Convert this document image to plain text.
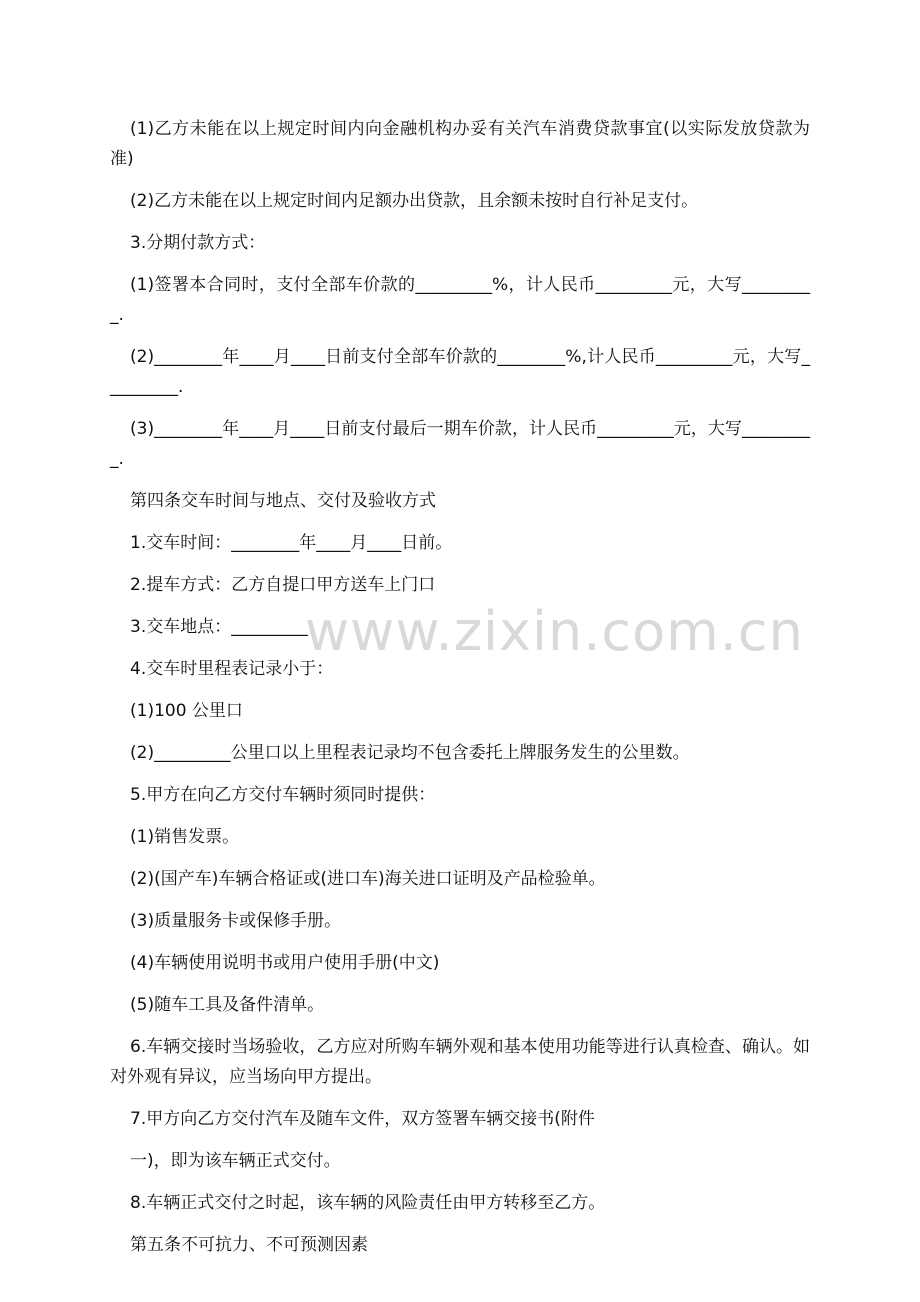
(1)乙方未能在以上规定时间内向金融机构办妥有关汽车消费贷款事宜(以实际发放贷款为准)

(2)乙方未能在以上规定时间内足额办出贷款，且余额未按时自行补足支付。

3.分期付款方式：

(1)签署本合同时，支付全部车价款的_________%，计人民币_________元，大写_________.

(2)________年____月____日前支付全部车价款的________%,计人民币_________元，大写_________.

(3)________年____月____日前支付最后一期车价款，计人民币_________元，大写_________.

第四条交车时间与地点、交付及验收方式

1.交车时间：________年____月____日前。

2.提车方式：乙方自提口甲方送车上门口

3.交车地点：_________

4.交车时里程表记录小于：

(1)100 公里口

(2)_________公里口以上里程表记录均不包含委托上牌服务发生的公里数。

5.甲方在向乙方交付车辆时须同时提供：

(1)销售发票。

(2)(国产车)车辆合格证或(进口车)海关进口证明及产品检验单。

(3)质量服务卡或保修手册。

(4)车辆使用说明书或用户使用手册(中文)

(5)随车工具及备件清单。

6.车辆交接时当场验收，乙方应对所购车辆外观和基本使用功能等进行认真检查、确认。如对外观有异议，应当场向甲方提出。

7.甲方向乙方交付汽车及随车文件，双方签署车辆交接书(附件

一)，即为该车辆正式交付。

8.车辆正式交付之时起，该车辆的风险责任由甲方转移至乙方。

第五条不可抗力、不可预测因素

www.zixin.com.cn
